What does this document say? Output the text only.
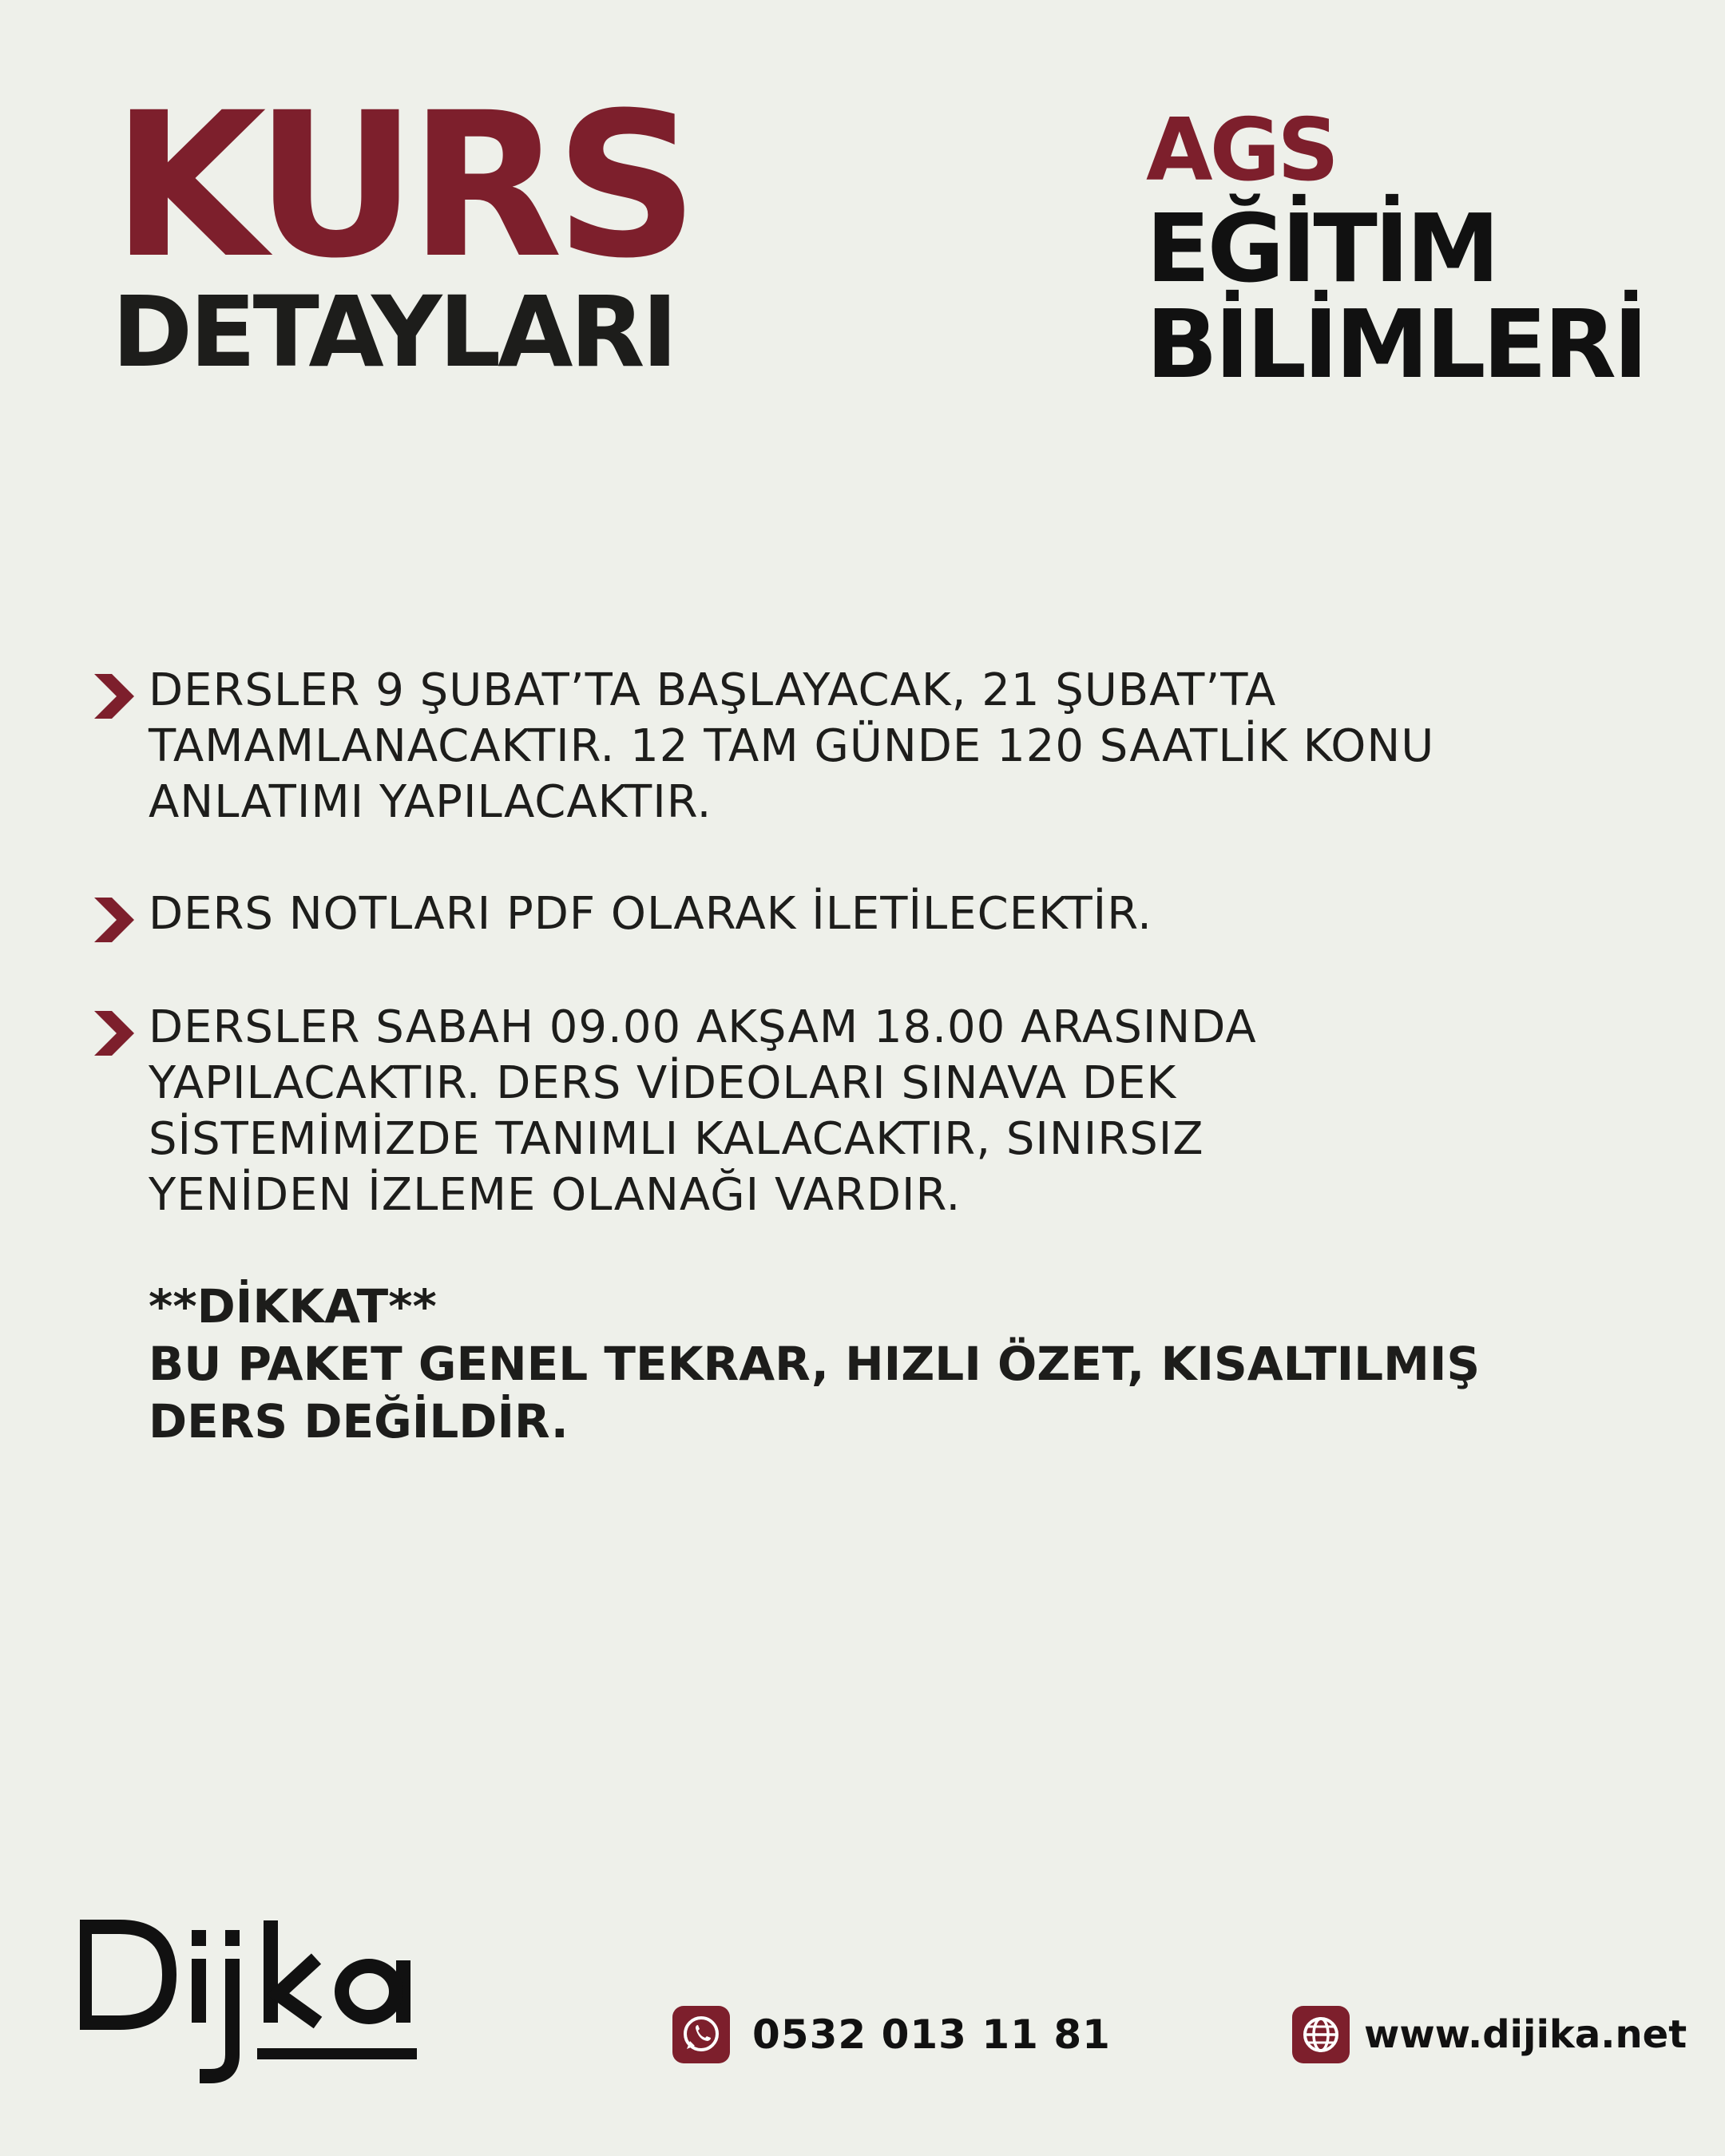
KURS
DETAYLARI
AGS
EĞİTİM
BİLİMLERİ
DERSLER 9 ŞUBAT’TA BAŞLAYACAK, 21 ŞUBAT’TA
TAMAMLANACAKTIR. 12 TAM GÜNDE 120 SAATLİK KONU
ANLATIMI YAPILACAKTIR.
DERS NOTLARI PDF OLARAK İLETİLECEKTİR.
DERSLER SABAH 09.00 AKŞAM 18.00 ARASINDA
YAPILACAKTIR. DERS VİDEOLARI SINAVA DEK
SİSTEMİMİZDE TANIMLI KALACAKTIR, SINIRSIZ
YENİDEN İZLEME OLANAĞI VARDIR.
**DİKKAT**
BU PAKET GENEL TEKRAR, HIZLI ÖZET, KISALTILMIŞ
DERS DEĞİLDİR.
0532 013 11 81	www.dijika.net
